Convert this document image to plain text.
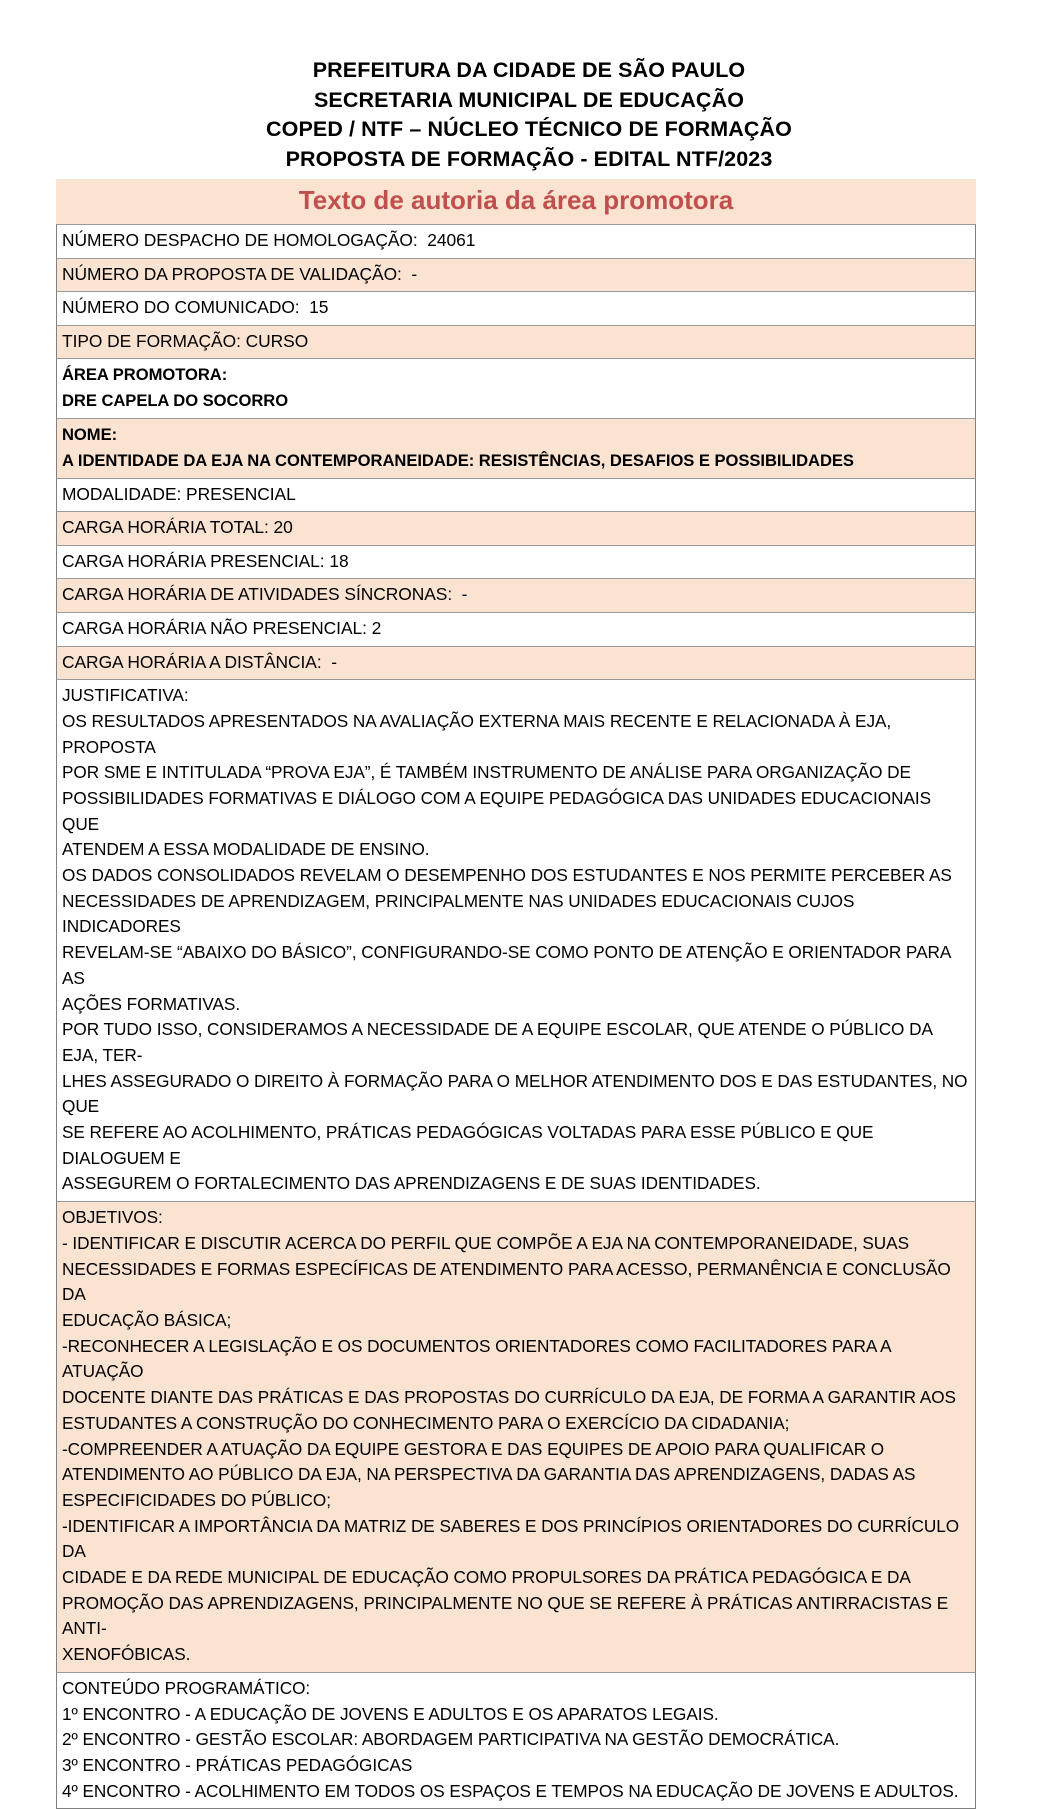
PREFEITURA DA CIDADE DE SÃO PAULO
SECRETARIA MUNICIPAL DE EDUCAÇÃO
COPED / NTF – NÚCLEO TÉCNICO DE FORMAÇÃO
PROPOSTA DE FORMAÇÃO - EDITAL NTF/2023
Texto de autoria da área promotora
NÚMERO DESPACHO DE HOMOLOGAÇÃO:  24061
NÚMERO DA PROPOSTA DE VALIDAÇÃO:  -
NÚMERO DO COMUNICADO:  15
TIPO DE FORMAÇÃO: CURSO
ÁREA PROMOTORA:
DRE CAPELA DO SOCORRO
NOME:
A IDENTIDADE DA EJA NA CONTEMPORANEIDADE: RESISTÊNCIAS, DESAFIOS E POSSIBILIDADES
MODALIDADE: PRESENCIAL
CARGA HORÁRIA TOTAL: 20
CARGA HORÁRIA PRESENCIAL: 18
CARGA HORÁRIA DE ATIVIDADES SÍNCRONAS:  -
CARGA HORÁRIA NÃO PRESENCIAL: 2
CARGA HORÁRIA A DISTÂNCIA:  -
JUSTIFICATIVA:
OS RESULTADOS APRESENTADOS NA AVALIAÇÃO EXTERNA MAIS RECENTE E RELACIONADA À EJA, PROPOSTA
POR SME E INTITULADA “PROVA EJA”, É TAMBÉM INSTRUMENTO DE ANÁLISE PARA ORGANIZAÇÃO DE
POSSIBILIDADES FORMATIVAS E DIÁLOGO COM A EQUIPE PEDAGÓGICA DAS UNIDADES EDUCACIONAIS QUE
ATENDEM A ESSA MODALIDADE DE ENSINO.
OS DADOS CONSOLIDADOS REVELAM O DESEMPENHO DOS ESTUDANTES E NOS PERMITE PERCEBER AS
NECESSIDADES DE APRENDIZAGEM, PRINCIPALMENTE NAS UNIDADES EDUCACIONAIS CUJOS INDICADORES
REVELAM-SE “ABAIXO DO BÁSICO”, CONFIGURANDO-SE COMO PONTO DE ATENÇÃO E ORIENTADOR PARA AS
AÇÕES FORMATIVAS.
POR TUDO ISSO, CONSIDERAMOS A NECESSIDADE DE A EQUIPE ESCOLAR, QUE ATENDE O PÚBLICO DA EJA, TER-
LHES ASSEGURADO O DIREITO À FORMAÇÃO PARA O MELHOR ATENDIMENTO DOS E DAS ESTUDANTES, NO QUE
SE REFERE AO ACOLHIMENTO, PRÁTICAS PEDAGÓGICAS VOLTADAS PARA ESSE PÚBLICO E QUE DIALOGUEM E
ASSEGUREM O FORTALECIMENTO DAS APRENDIZAGENS E DE SUAS IDENTIDADES.
OBJETIVOS:
- IDENTIFICAR E DISCUTIR ACERCA DO PERFIL QUE COMPÕE A EJA NA CONTEMPORANEIDADE, SUAS
NECESSIDADES E FORMAS ESPECÍFICAS DE ATENDIMENTO PARA ACESSO, PERMANÊNCIA E CONCLUSÃO DA
EDUCAÇÃO BÁSICA;
-RECONHECER A LEGISLAÇÃO E OS DOCUMENTOS ORIENTADORES COMO FACILITADORES PARA A ATUAÇÃO
DOCENTE DIANTE DAS PRÁTICAS E DAS PROPOSTAS DO CURRÍCULO DA EJA, DE FORMA A GARANTIR AOS
ESTUDANTES A CONSTRUÇÃO DO CONHECIMENTO PARA O EXERCÍCIO DA CIDADANIA;
-COMPREENDER A ATUAÇÃO DA EQUIPE GESTORA E DAS EQUIPES DE APOIO PARA QUALIFICAR O
ATENDIMENTO AO PÚBLICO DA EJA, NA PERSPECTIVA DA GARANTIA DAS APRENDIZAGENS, DADAS AS
ESPECIFICIDADES DO PÚBLICO;
-IDENTIFICAR A IMPORTÂNCIA DA MATRIZ DE SABERES E DOS PRINCÍPIOS ORIENTADORES DO CURRÍCULO DA
CIDADE E DA REDE MUNICIPAL DE EDUCAÇÃO COMO PROPULSORES DA PRÁTICA PEDAGÓGICA E DA
PROMOÇÃO DAS APRENDIZAGENS, PRINCIPALMENTE NO QUE SE REFERE À PRÁTICAS ANTIRRACISTAS E ANTI-
XENOFÓBICAS.
CONTEÚDO PROGRAMÁTICO:
1º ENCONTRO - A EDUCAÇÃO DE JOVENS E ADULTOS E OS APARATOS LEGAIS.
2º ENCONTRO - GESTÃO ESCOLAR: ABORDAGEM PARTICIPATIVA NA GESTÃO DEMOCRÁTICA.
3º ENCONTRO - PRÁTICAS PEDAGÓGICAS
4º ENCONTRO - ACOLHIMENTO EM TODOS OS ESPAÇOS E TEMPOS NA EDUCAÇÃO DE JOVENS E ADULTOS.
